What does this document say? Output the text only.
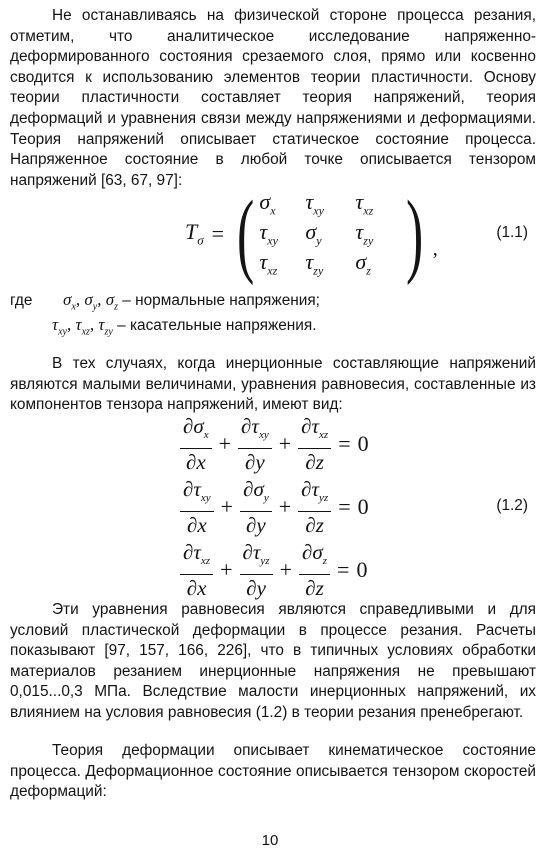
Не останавливаясь на физической стороне процесса резания, отметим, что аналитическое исследование напряженно-деформированного состояния срезаемого слоя, прямо или косвенно сводится к использованию элементов теории пластичности. Основу теории пластичности составляет теория напряжений, теория деформаций и уравнения связи между напряжениями и деформациями. Теория напряжений описывает статическое состояние процесса. Напряженное состояние в любой точке описывается тензором напряжений [63, 67, 97]:

$T_\sigma$ = ( $\sigma_x$	$\tau_{xy}$	$\tau_{xz}$
$\tau_{xy}$	$\sigma_y$	$\tau_{zy}$
$\tau_{xz}$	$\tau_{zy}$	$\sigma_z$ ) ,
(1.1)
где $\sigma_x$, $\sigma_y$, $\sigma_z$ – нормальные напряжения;
$\tau_{xy}$, $\tau_{xz}$, $\tau_{zy}$ – касательные напряжения.

В тех случаях, когда инерционные составляющие напряжений являются малыми величинами, уравнения равновесия, составленные из компонентов тензора напряжений, имеют вид:

$\frac{\partial\sigma_x}{\partial x} + \frac{\partial\tau_{xy}}{\partial y} + \frac{\partial\tau_{xz}}{\partial z} = 0$
$\frac{\partial\tau_{xy}}{\partial x} + \frac{\partial\sigma_y}{\partial y} + \frac{\partial\tau_{yz}}{\partial z} = 0$
$\frac{\partial\tau_{xz}}{\partial x} + \frac{\partial\tau_{yz}}{\partial y} + \frac{\partial\sigma_z}{\partial z} = 0$
(1.2)

Эти уравнения равновесия являются справедливыми и для условий пластической деформации в процессе резания. Расчеты показывают [97, 157, 166, 226], что в типичных условиях обработки материалов резанием инерционные напряжения не превышают 0,015...0,3 МПа. Вследствие малости инерционных напряжений, их влиянием на условия равновесия (1.2) в теории резания пренебрегают.

Теория деформации описывает кинематическое состояние процесса. Деформационное состояние описывается тензором скоростей деформаций:

10
